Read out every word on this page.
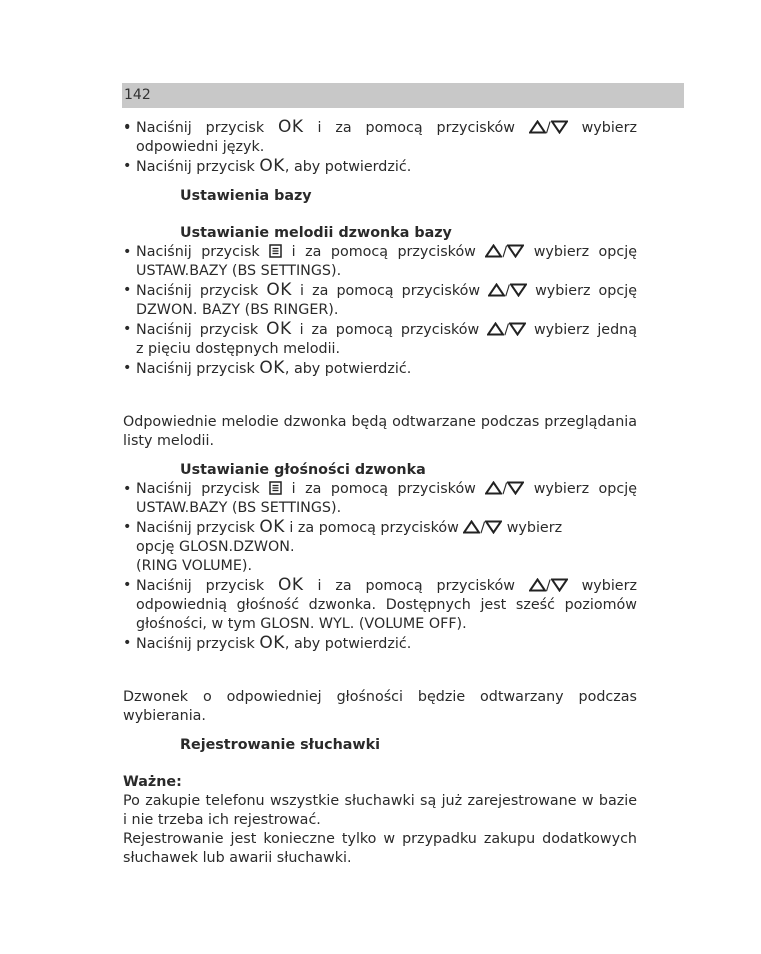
142

• Naciśnij przycisk OK i za pomocą przycisków / wybierz

•

odpowiedni język.

• Naciśnij przycisk OK, aby potwierdzić.

Ustawienia bazy

Ustawianie melodii dzwonka bazy

• Naciśnij przycisk i za pomocą przycisków / wybierz opcję

USTAW.BAZY (BS SETTINGS).

• Naciśnij przycisk OK i za pomocą przycisków / wybierz opcję

DZWON. BAZY (BS RINGER).

• Naciśnij przycisk OK i za pomocą przycisków / wybierz jedną

z pięciu dostępnych melodii.

• Naciśnij przycisk OK, aby potwierdzić.

Odpowiednie melodie dzwonka będą odtwarzane podczas przeglądania listy melodii.

Ustawianie głośności dzwonka

• Naciśnij przycisk i za pomocą przycisków / wybierz opcję

USTAW.BAZY (BS SETTINGS).

• Naciśnij przycisk OK i za pomocą przycisków / wybierz

opcję GLOSN.DZWON.

(RING VOLUME).

• Naciśnij przycisk OK i za pomocą przycisków / wybierz

odpowiednią głośność dzwonka. Dostępnych jest sześć poziomów głośności, w tym GLOSN. WYL. (VOLUME OFF).

• Naciśnij przycisk OK, aby potwierdzić.

Dzwonek o odpowiedniej głośności będzie odtwarzany podczas wybierania.

Rejestrowanie słuchawki

Ważne:

Po zakupie telefonu wszystkie słuchawki są już zarejestrowane w bazie i nie trzeba ich rejestrować.

Rejestrowanie jest konieczne tylko w przypadku zakupu dodatkowych słuchawek lub awarii słuchawki.
